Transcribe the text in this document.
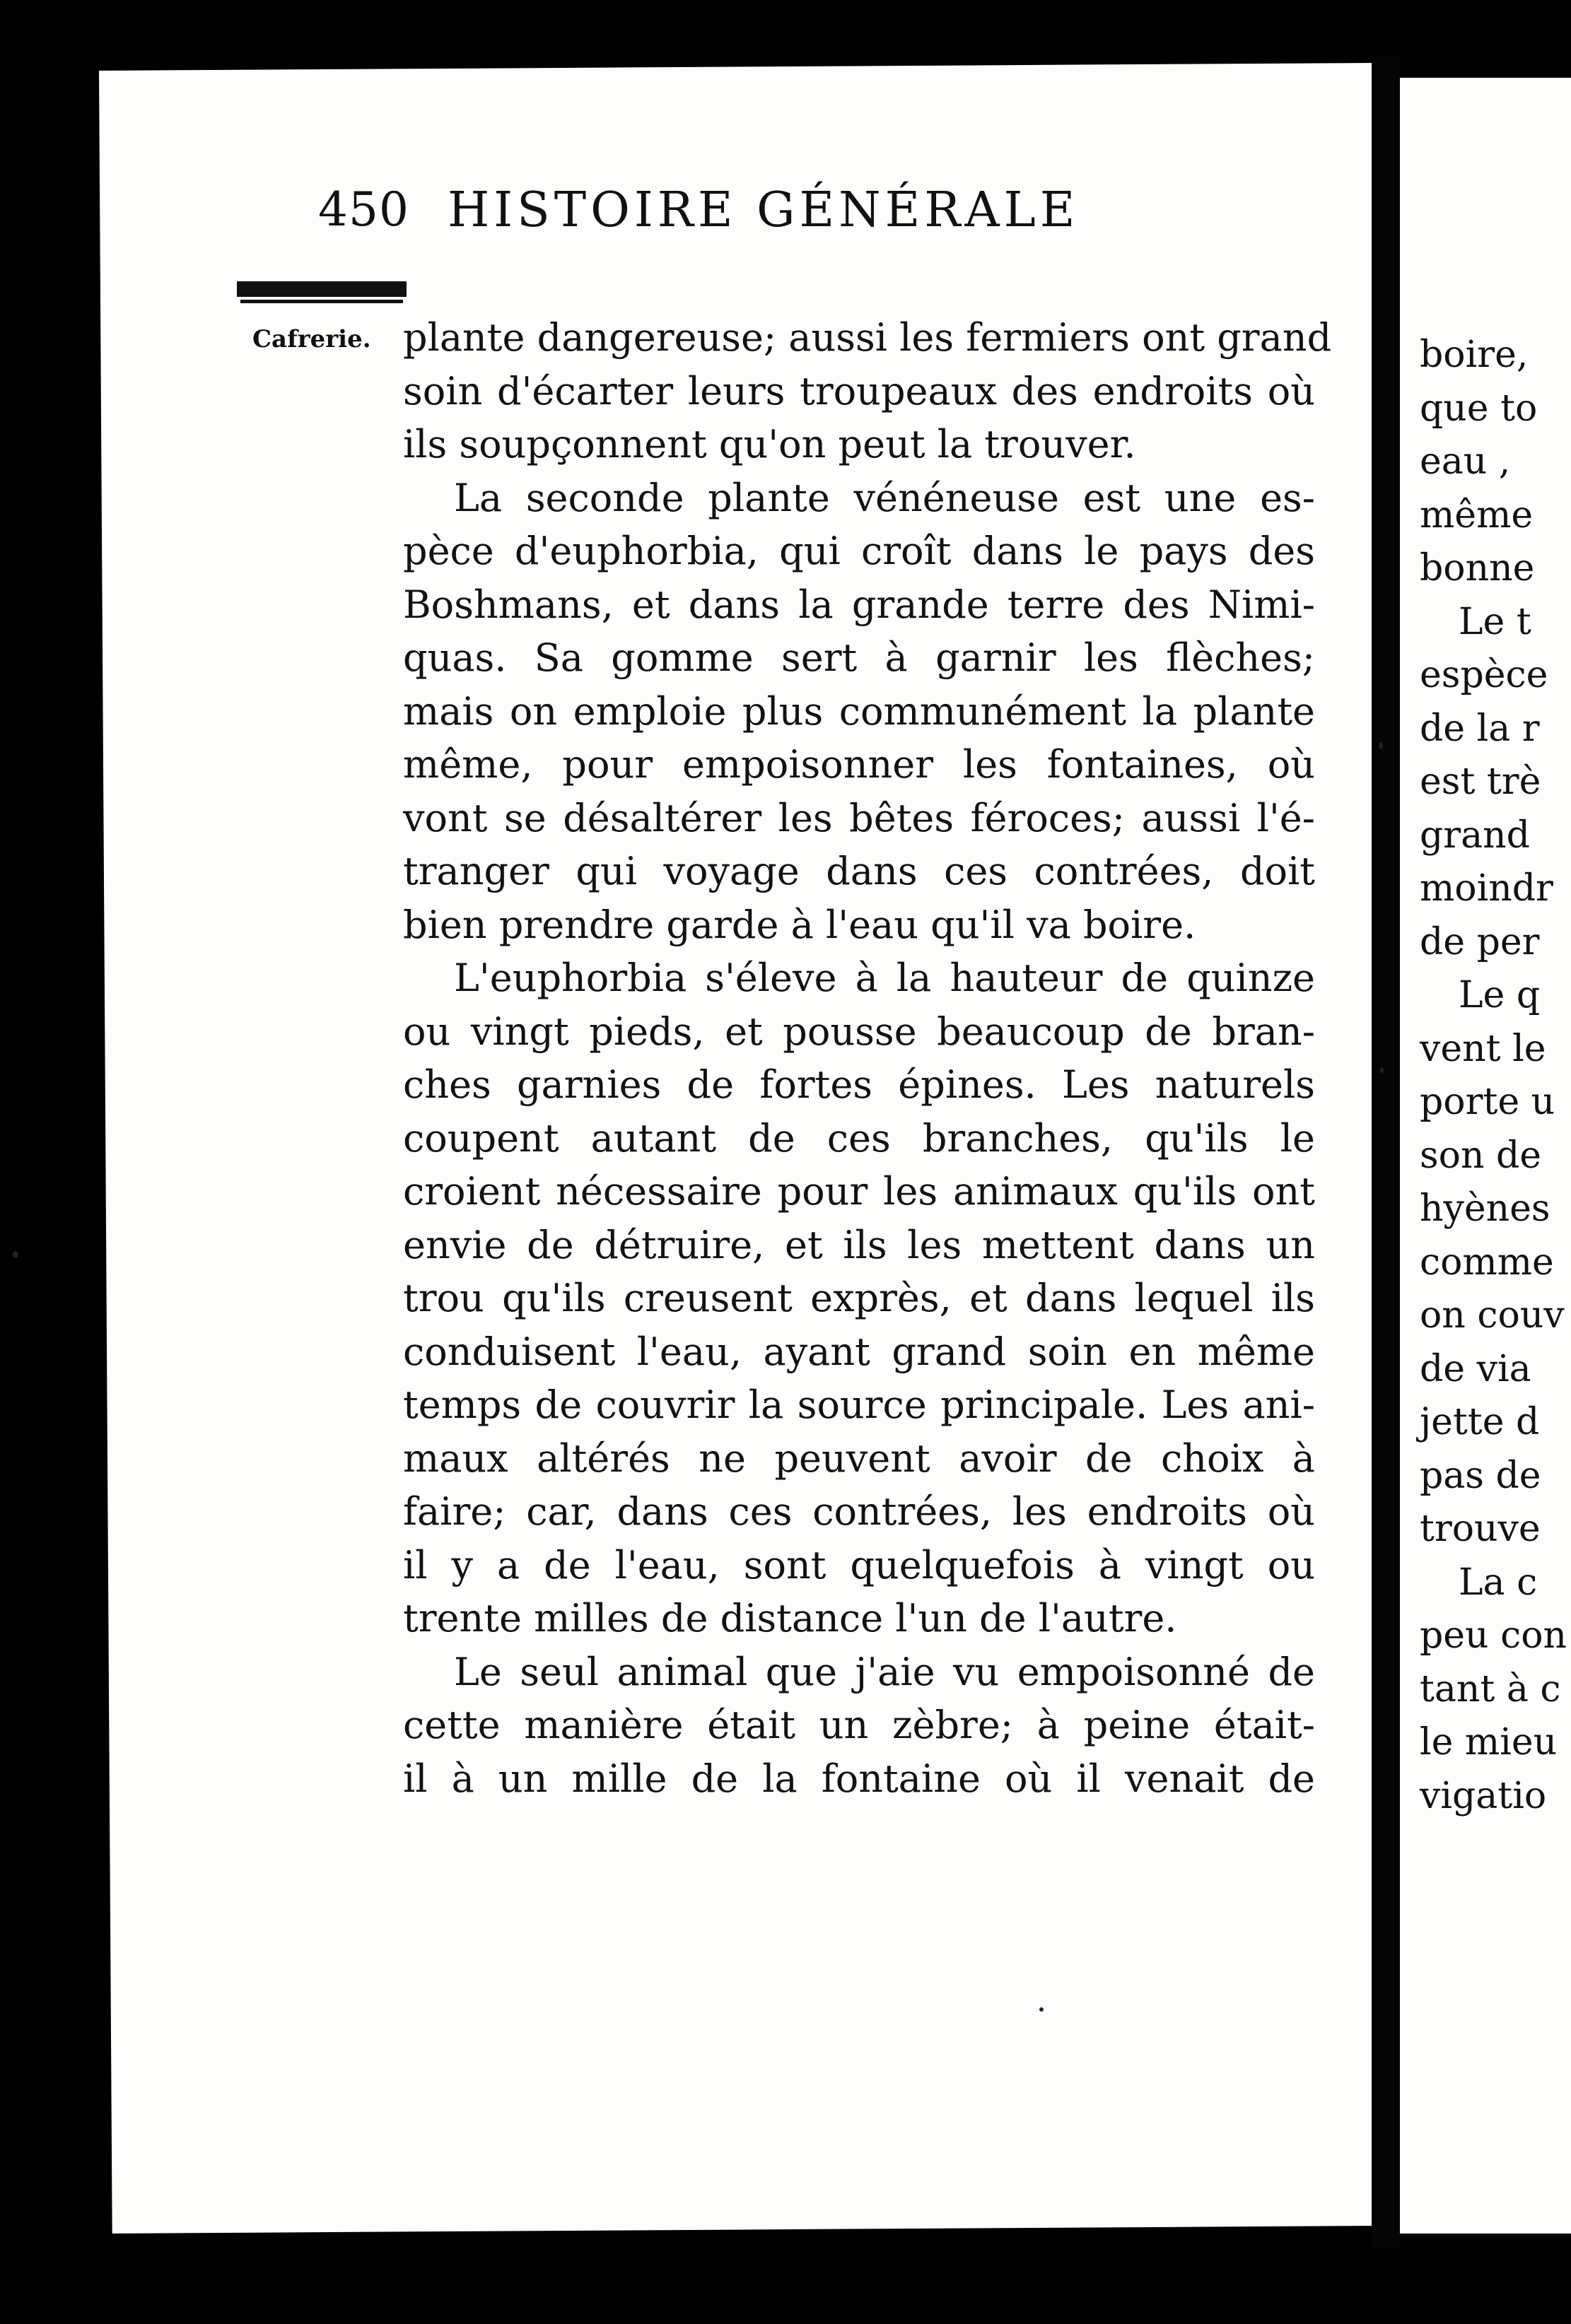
boire,
que to
eau ,
même
bonne
Le t
espèce
de la r
est trè
grand
moindr
de per
Le q
vent le
porte u
son de
hyènes
comme
on couv
de via
jette d
pas de
trouve
La c
peu con
tant à c
le mieu
vigatio
450 HISTOIRE GÉNÉRALE
Cafrerie. plante dangereuse; aussi les fermiers ont grand
soin d'écarter leurs troupeaux des endroits où
ils soupçonnent qu'on peut la trouver.
La seconde plante vénéneuse est une es-
pèce d'euphorbia, qui croît dans le pays des
Boshmans, et dans la grande terre des Nimi-
quas. Sa gomme sert à garnir les flèches;
mais on emploie plus communément la plante
même, pour empoisonner les fontaines, où
vont se désaltérer les bêtes féroces; aussi l'é-
tranger qui voyage dans ces contrées, doit
bien prendre garde à l'eau qu'il va boire.
L'euphorbia s'éleve à la hauteur de quinze
ou vingt pieds, et pousse beaucoup de bran-
ches garnies de fortes épines. Les naturels
coupent autant de ces branches, qu'ils le
croient nécessaire pour les animaux qu'ils ont
envie de détruire, et ils les mettent dans un
trou qu'ils creusent exprès, et dans lequel ils
conduisent l'eau, ayant grand soin en même
temps de couvrir la source principale. Les ani-
maux altérés ne peuvent avoir de choix à
faire; car, dans ces contrées, les endroits où
il y a de l'eau, sont quelquefois à vingt ou
trente milles de distance l'un de l'autre.
Le seul animal que j'aie vu empoisonné de
cette manière était un zèbre; à peine était-
il à un mille de la fontaine où il venait de
